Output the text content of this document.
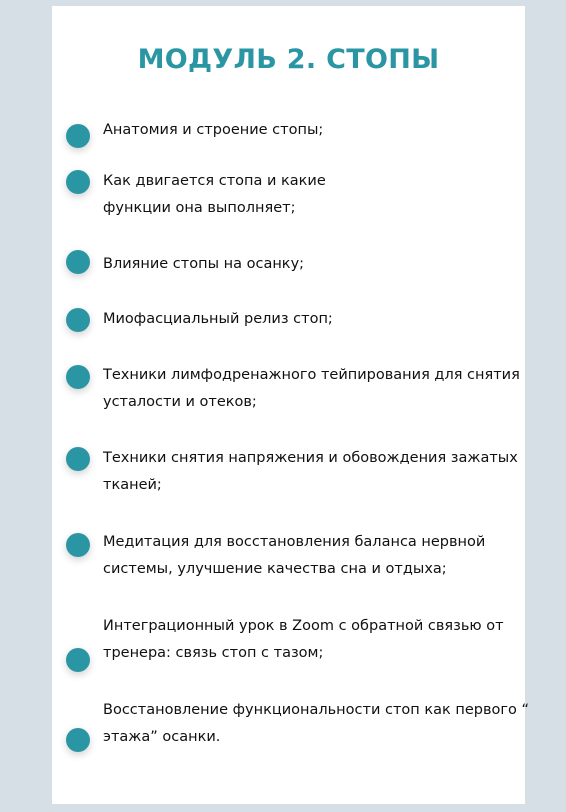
МОДУЛЬ 2. СТОПЫ

Анатомия и строение стопы;

Как двигается стопа и какие
функции она выполняет;

Влияние стопы на осанку;

Миофасциальный релиз стоп;

Техники лимфодренажного тейпирования для снятия
усталости и отеков;

Техники снятия напряжения и обовождения зажатых
тканей;

Медитация для восстановления баланса нервной
системы, улучшение качества сна и отдыха;

Интеграционный урок в Zoom с обратной связью от
тренера: связь стоп с тазом;

Восстановление функциональности стоп как первого “
этажа” осанки.
